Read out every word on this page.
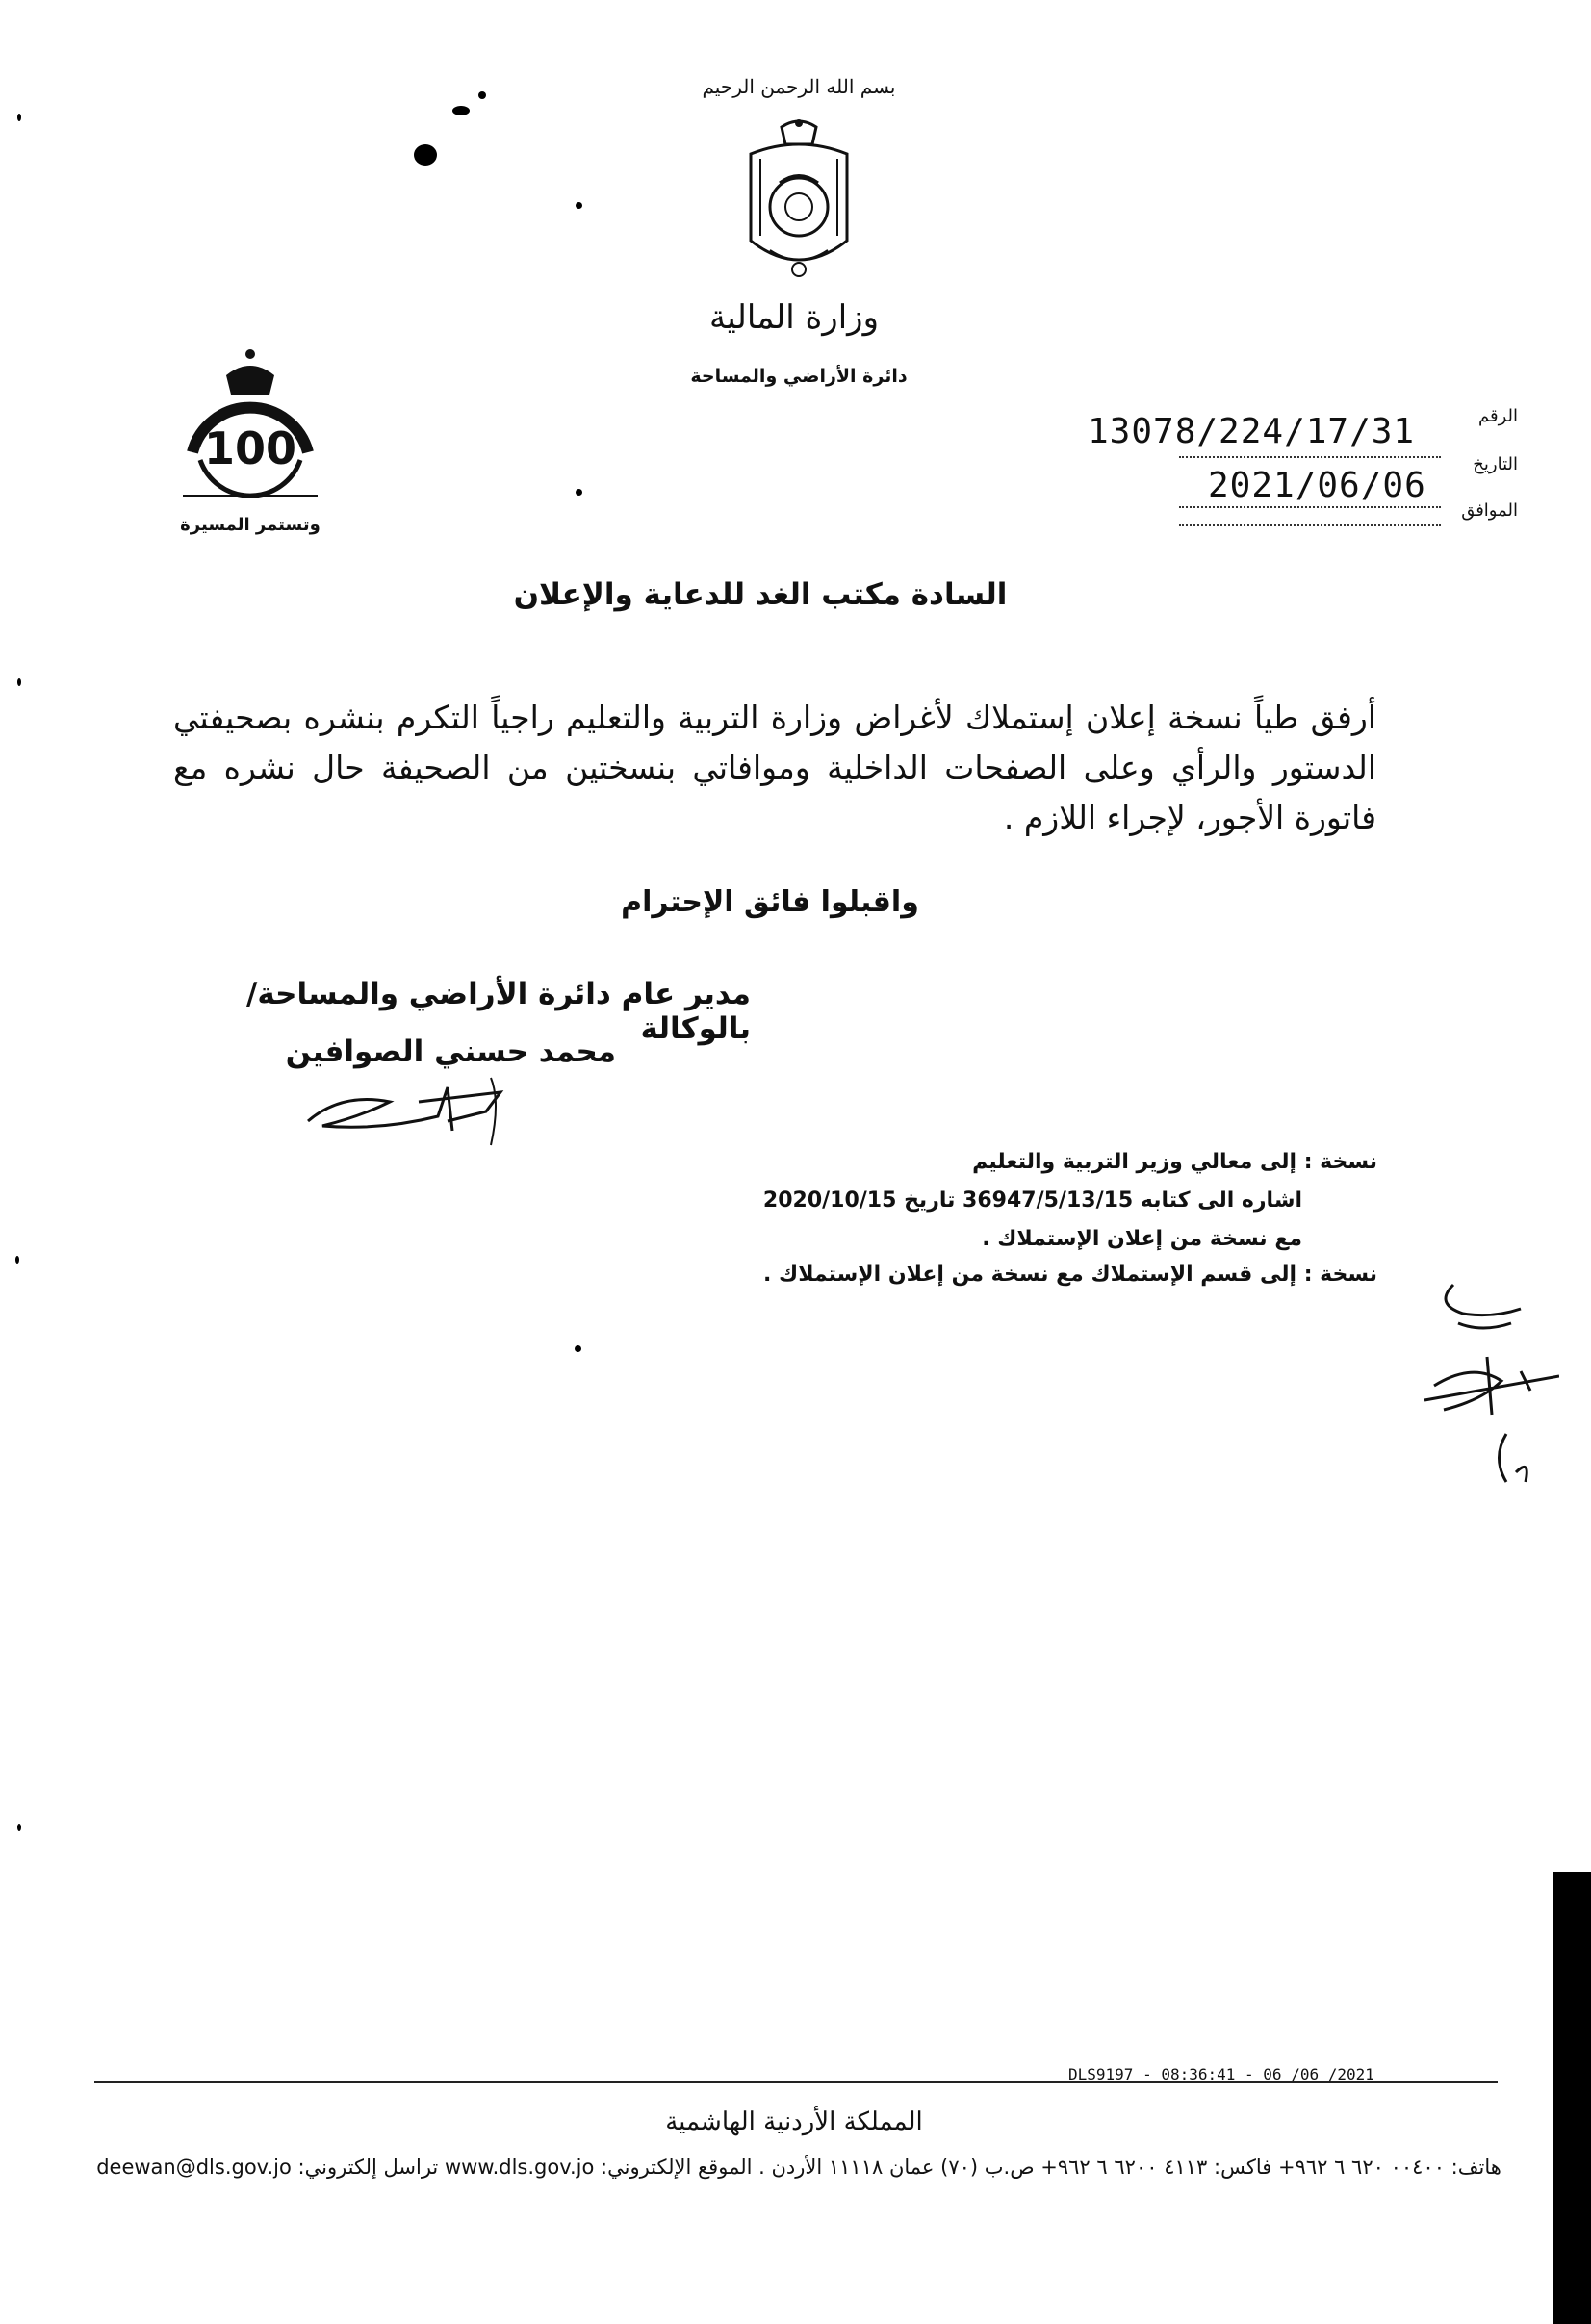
بسم الله الرحمن الرحيم
وزارة المالية
دائرة الأراضي والمساحة
100
وتستمر المسيرة
الرقم
13078/224/17/31
التاريخ
2021/06/06
الموافق
السادة مكتب الغد للدعاية والإعلان
أرفق طياً نسخة إعلان إستملاك لأغراض وزارة التربية والتعليم راجياً التكرم بنشره بصحيفتي الدستور والرأي وعلى الصفحات الداخلية وموافاتي بنسختين من الصحيفة حال نشره مع فاتورة الأجور، لإجراء اللازم .
واقبلوا فائق الإحترام
مدير عام دائرة الأراضي والمساحة/بالوكالة
محمد حسني الصوافين
نسخة : إلى معالي وزير التربية والتعليم
اشاره الى كتابه 36947/5/13/15 تاريخ 2020/10/15
مع نسخة من إعلان الإستملاك .
نسخة : إلى قسم الإستملاك مع نسخة من إعلان الإستملاك .
DLS9197 - 08:36:41 - 06 /06 /2021
المملكة الأردنية الهاشمية
هاتف: ٠٠٤٠٠ ٦٢٠ ٦ ٩٦٢+ فاكس: ٤١١٣ ٦٢٠٠ ٦ ٩٦٢+ ص.ب (٧٠) عمان ١١١١٨ الأردن . الموقع الإلكتروني: www.dls.gov.jo تراسل إلكتروني: deewan@dls.gov.jo
